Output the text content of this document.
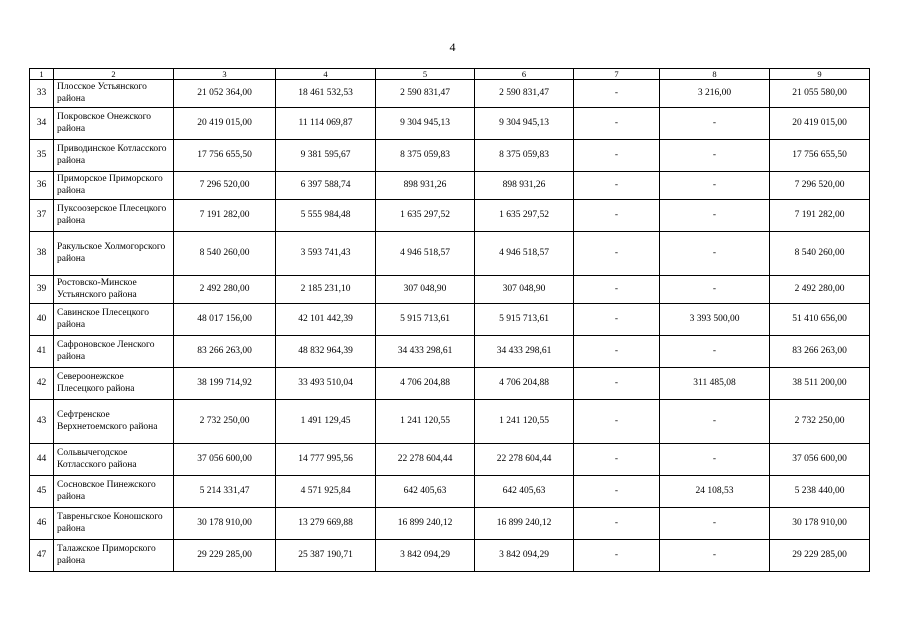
4
1	2	3	4	5	6	7	8	9
33	Плосское Устьянского района	21 052 364,00	18 461 532,53	2 590 831,47	2 590 831,47	-	3 216,00	21 055 580,00
34	Покровское Онежского района	20 419 015,00	11 114 069,87	9 304 945,13	9 304 945,13	-	-	20 419 015,00
35	Приводинское Котласского района	17 756 655,50	9 381 595,67	8 375 059,83	8 375 059,83	-	-	17 756 655,50
36	Приморское Приморского района	7 296 520,00	6 397 588,74	898 931,26	898 931,26	-	-	7 296 520,00
37	Пуксоозерское Плесецкого района	7 191 282,00	5 555 984,48	1 635 297,52	1 635 297,52	-	-	7 191 282,00
38	Ракульское Холмогорского района	8 540 260,00	3 593 741,43	4 946 518,57	4 946 518,57	-	-	8 540 260,00
39	Ростовско-Минское Устьянского района	2 492 280,00	2 185 231,10	307 048,90	307 048,90	-	-	2 492 280,00
40	Савинское Плесецкого района	48 017 156,00	42 101 442,39	5 915 713,61	5 915 713,61	-	3 393 500,00	51 410 656,00
41	Сафроновское Ленского района	83 266 263,00	48 832 964,39	34 433 298,61	34 433 298,61	-	-	83 266 263,00
42	Североонежское Плесецкого района	38 199 714,92	33 493 510,04	4 706 204,88	4 706 204,88	-	311 485,08	38 511 200,00
43	Сефтренское Верхнетоемского района	2 732 250,00	1 491 129,45	1 241 120,55	1 241 120,55	-	-	2 732 250,00
44	Сольвычегодское Котласского района	37 056 600,00	14 777 995,56	22 278 604,44	22 278 604,44	-	-	37 056 600,00
45	Сосновское Пинежского района	5 214 331,47	4 571 925,84	642 405,63	642 405,63	-	24 108,53	5 238 440,00
46	Тавреньгское Коношского района	30 178 910,00	13 279 669,88	16 899 240,12	16 899 240,12	-	-	30 178 910,00
47	Талажское Приморского района	29 229 285,00	25 387 190,71	3 842 094,29	3 842 094,29	-	-	29 229 285,00
